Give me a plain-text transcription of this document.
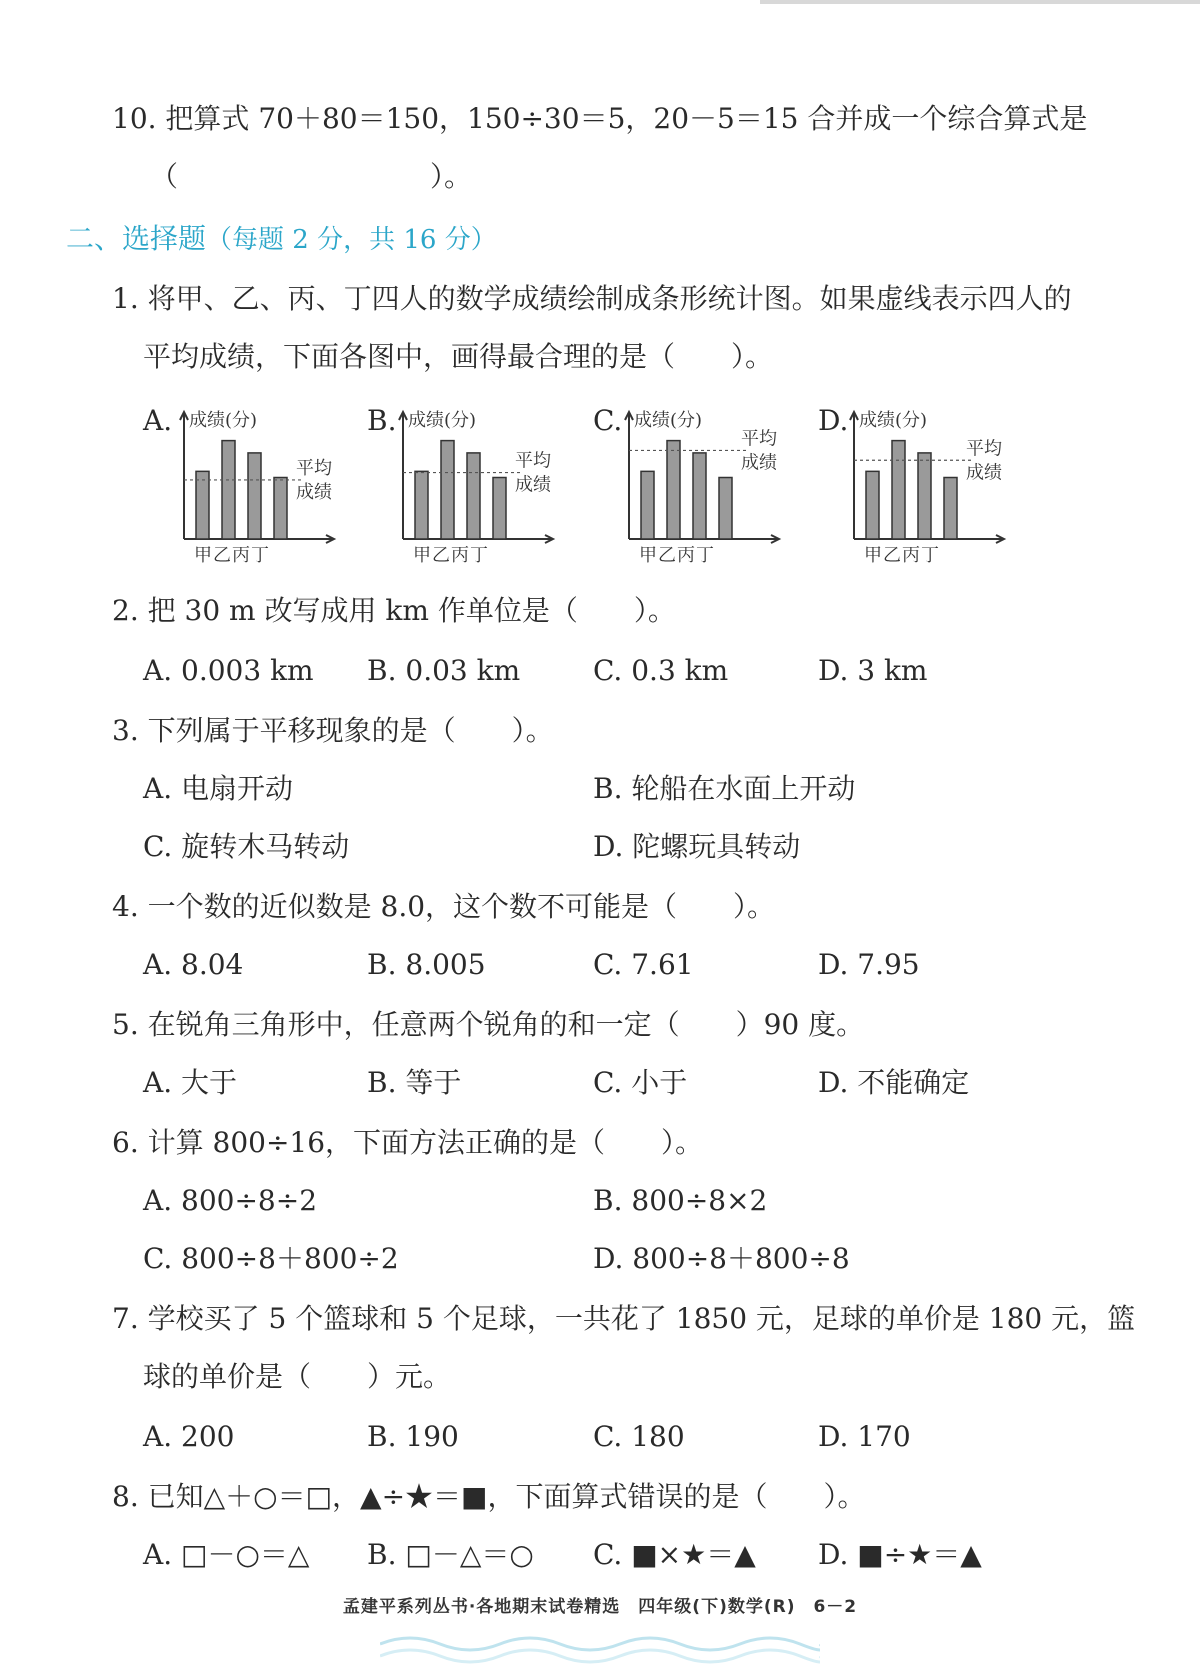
10. 把算式 70＋80＝150，150÷30＝5，20－5＝15 合并成一个综合算式是
（　　　　　　　　　）。
二、选择题（每题 2 分，共 16 分）
1. 将甲、乙、丙、丁四人的数学成绩绘制成条形统计图。如果虚线表示四人的
平均成绩，下面各图中，画得最合理的是（　　）。
A.	B.	C.	D.
成绩(分)
甲乙丙丁
平均
成绩
成绩(分)
甲乙丙丁
平均
成绩
成绩(分)
甲乙丙丁
平均
成绩
成绩(分)
甲乙丙丁
平均
成绩
2. 把 30 m 改写成用 km 作单位是（　　）。
A. 0.003 km B. 0.03 km	C. 0.3 km	D. 3 km
3. 下列属于平移现象的是（　　）。
A. 电扇开动	B. 轮船在水面上开动
C. 旋转木马转动	D. 陀螺玩具转动
4. 一个数的近似数是 8.0，这个数不可能是（　　）。
A. 8.04	B. 8.005	C. 7.61	D. 7.95
5. 在锐角三角形中，任意两个锐角的和一定（　　）90 度。
A. 大于	B. 等于	C. 小于	D. 不能确定
6. 计算 800÷16，下面方法正确的是（　　）。
A. 800÷8÷2	B. 800÷8×2
C. 800÷8＋800÷2	D. 800÷8＋800÷8
7. 学校买了 5 个篮球和 5 个足球，一共花了 1850 元，足球的单价是 180 元，篮
球的单价是（　　）元。
A. 200	B. 190	C. 180	D. 170
8. 已知△＋○＝□，▲÷★＝■，下面算式错误的是（　　）。
A. □－○＝△ B. □－△＝○ C. ■×★＝▲ D. ■÷★＝▲
孟建平系列丛书·各地期末试卷精选　四年级(下)数学(R)　6－2
